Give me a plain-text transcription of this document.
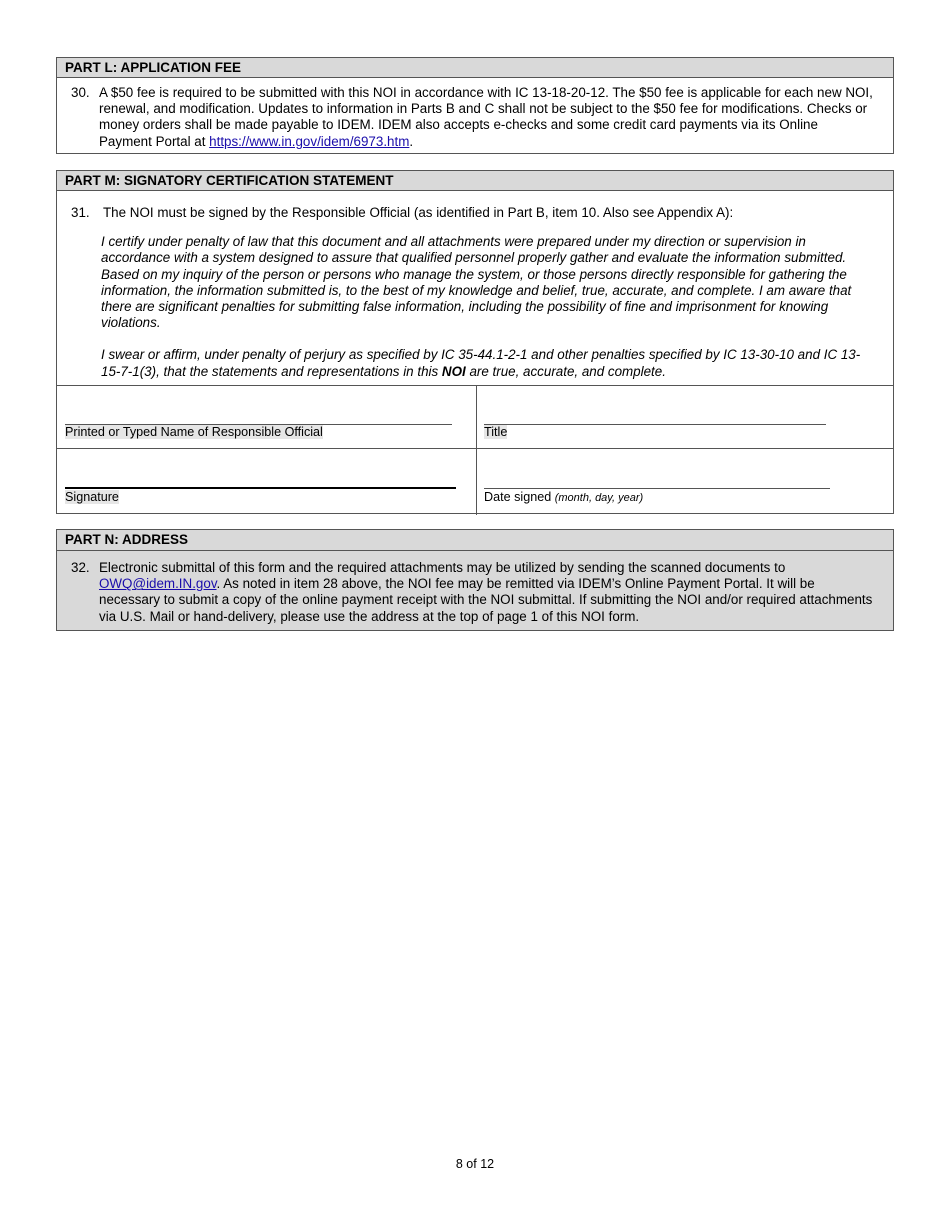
PART L: APPLICATION FEE
30. A $50 fee is required to be submitted with this NOI in accordance with IC 13-18-20-12. The $50 fee is applicable for each new NOI, renewal, and modification. Updates to information in Parts B and C shall not be subject to the $50 fee for modifications. Checks or money orders shall be made payable to IDEM. IDEM also accepts e-checks and some credit card payments via its Online Payment Portal at https://www.in.gov/idem/6973.htm.
PART M: SIGNATORY CERTIFICATION STATEMENT
31. The NOI must be signed by the Responsible Official (as identified in Part B, item 10. Also see Appendix A):
I certify under penalty of law that this document and all attachments were prepared under my direction or supervision in accordance with a system designed to assure that qualified personnel properly gather and evaluate the information submitted. Based on my inquiry of the person or persons who manage the system, or those persons directly responsible for gathering the information, the information submitted is, to the best of my knowledge and belief, true, accurate, and complete. I am aware that there are significant penalties for submitting false information, including the possibility of fine and imprisonment for knowing violations.
I swear or affirm, under penalty of perjury as specified by IC 35-44.1-2-1 and other penalties specified by IC 13-30-10 and IC 13-15-7-1(3), that the statements and representations in this NOI are true, accurate, and complete.
Printed or Typed Name of Responsible Official	Title
Signature	Date signed (month, day, year)
PART N: ADDRESS
32. Electronic submittal of this form and the required attachments may be utilized by sending the scanned documents to OWQ@idem.IN.gov. As noted in item 28 above, the NOI fee may be remitted via IDEM’s Online Payment Portal. It will be necessary to submit a copy of the online payment receipt with the NOI submittal. If submitting the NOI and/or required attachments via U.S. Mail or hand-delivery, please use the address at the top of page 1 of this NOI form.
8 of 12
